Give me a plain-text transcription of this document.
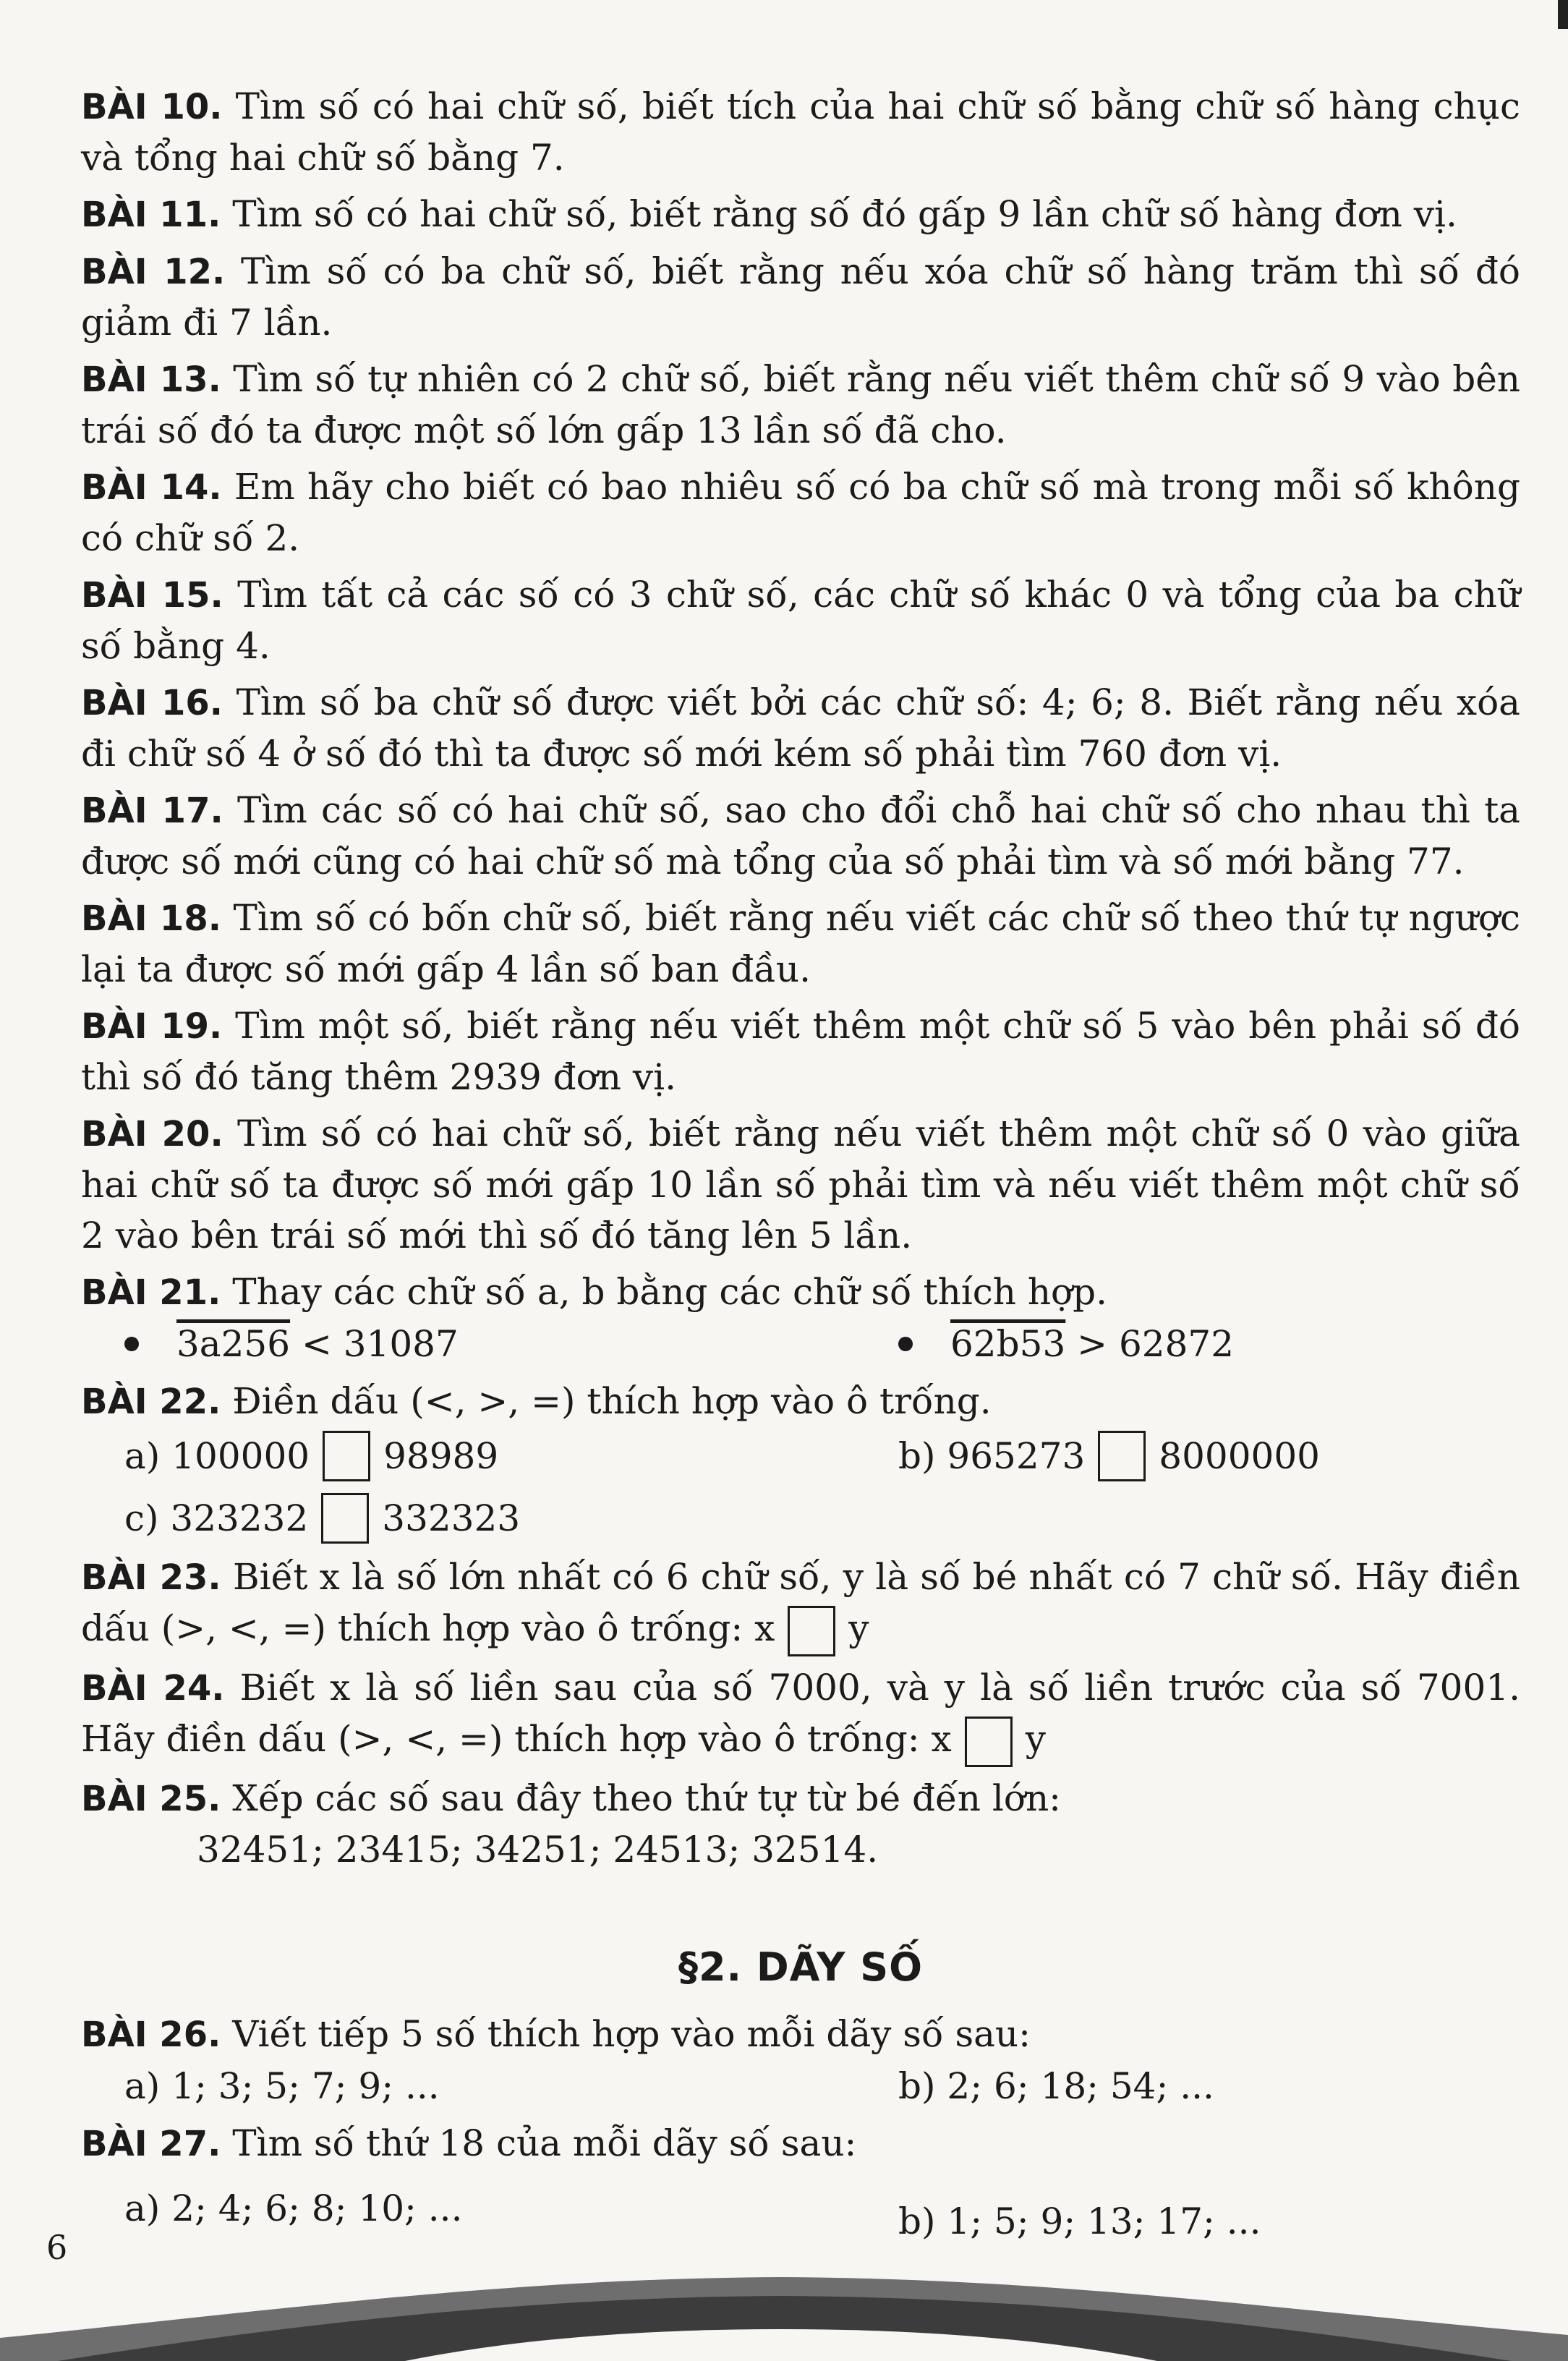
BÀI 10. Tìm số có hai chữ số, biết tích của hai chữ số bằng chữ số hàng chục và tổng hai chữ số bằng 7.

BÀI 11. Tìm số có hai chữ số, biết rằng số đó gấp 9 lần chữ số hàng đơn vị.

BÀI 12. Tìm số có ba chữ số, biết rằng nếu xóa chữ số hàng trăm thì số đó giảm đi 7 lần.

BÀI 13. Tìm số tự nhiên có 2 chữ số, biết rằng nếu viết thêm chữ số 9 vào bên trái số đó ta được một số lớn gấp 13 lần số đã cho.

BÀI 14. Em hãy cho biết có bao nhiêu số có ba chữ số mà trong mỗi số không có chữ số 2.

BÀI 15. Tìm tất cả các số có 3 chữ số, các chữ số khác 0 và tổng của ba chữ số bằng 4.

BÀI 16. Tìm số ba chữ số được viết bởi các chữ số: 4; 6; 8. Biết rằng nếu xóa đi chữ số 4 ở số đó thì ta được số mới kém số phải tìm 760 đơn vị.

BÀI 17. Tìm các số có hai chữ số, sao cho đổi chỗ hai chữ số cho nhau thì ta được số mới cũng có hai chữ số mà tổng của số phải tìm và số mới bằng 77.

BÀI 18. Tìm số có bốn chữ số, biết rằng nếu viết các chữ số theo thứ tự ngược lại ta được số mới gấp 4 lần số ban đầu.

BÀI 19. Tìm một số, biết rằng nếu viết thêm một chữ số 5 vào bên phải số đó thì số đó tăng thêm 2939 đơn vị.

BÀI 20. Tìm số có hai chữ số, biết rằng nếu viết thêm một chữ số 0 vào giữa hai chữ số ta được số mới gấp 10 lần số phải tìm và nếu viết thêm một chữ số 2 vào bên trái số mới thì số đó tăng lên 5 lần.

BÀI 21. Thay các chữ số a, b bằng các chữ số thích hợp.

3a256 < 31087	62b53 > 62872

BÀI 22. Điền dấu (<, >, =) thích hợp vào ô trống.

a) 100000 98989	b) 965273 8000000
c) 323232 332323

BÀI 23. Biết x là số lớn nhất có 6 chữ số, y là số bé nhất có 7 chữ số. Hãy điền dấu (>, <, =) thích hợp vào ô trống: x y

BÀI 24. Biết x là số liền sau của số 7000, và y là số liền trước của số 7001. Hãy điền dấu (>, <, =) thích hợp vào ô trống: x y

BÀI 25. Xếp các số sau đây theo thứ tự từ bé đến lớn:

32451; 23415; 34251; 24513; 32514.

§2. DÃY SỐ

BÀI 26. Viết tiếp 5 số thích hợp vào mỗi dãy số sau:

a) 1; 3; 5; 7; 9; ...	b) 2; 6; 18; 54; ...

BÀI 27. Tìm số thứ 18 của mỗi dãy số sau:

a) 2; 4; 6; 8; 10; ...	b) 1; 5; 9; 13; 17; ...
6
